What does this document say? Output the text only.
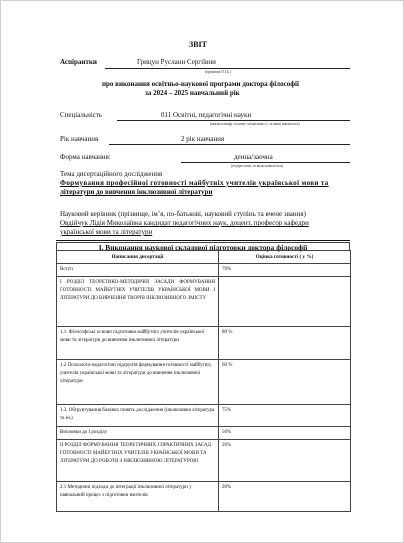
ЗВІТ
Аспірантки	Грицун Руслани Сергіївни
(прізвище П.І.Б.)
про виконання освітньо-наукової програми доктора філософії
за 2024 – 2025 навчальний рік
Спеціальність	011 Освітні, педагогічні науки
(вказати шифр та назву спеціальності, за якою навчається)
Рік навчання	2 рік навчання
Форма навчання:	денна/заочна
(підкреслити, за якою навчається)
Тема дисертаційного дослідження
Формування професійної готовності майбутніх учителів української мови та
літератури до вивчення інклюзивної літератури
Науковий керівник (прізвище, ім’я, по-батькові, науковий ступінь та вчене звання)
Овдійчук Лідія Миколаївна кандидат педагогічних наук, доцент, професор кафедри
української мови та літератури
І. Виконання наукової складової підготовки доктора філософії
Написання дисертації	Оцінка готовності ( у %)
Вступ	70%
І РОЗДІЛ ТЕОРЕТИКО-МЕТОДИЧНІ ЗАСАДИ ФОРМУВАННЯ ГОТОВНОСТІ МАЙБУТНІХ УЧИТЕЛІВ УКРАЇНСЬКОЇ МОВИ І ЛІТЕРАТУРИ ДО ВИВЧЕННЯ ТВОРІВ ІНКЛЮЗИВНОГО ЗМІСТУ	
1.1. Філософські основи підготовки майбутніх учителів української мови та літератури до вивчення інклюзивної літератури	80 %
1.2 Психолого-педагогічні підґрунтя формування готовності майбутніх учителів української мови та літератури до вивчення інклюзивної літератури	60 %
1.3. Обґрунтування базових понять дослідження (інклюзивна література та ін.)	75%
Висновки до І розділу	50%
ІІ РОЗДІЛ ФОРМУВАННЯ ТЕОРЕТИЧНИХ І ПРАКТИЧНИХ ЗАСАД ГОТОВНОСТІ МАЙБУТНІХ УЧИТЕЛІВ УКРАЇНСЬКОЇ МОВИ ТА ЛІТЕРАТУРИ ДО РОБОТИ З ІНКЛЮЗИВНОЮ ЛІТЕРАТУРОЮ	20%
2.1 Методичні підходи до інтеграції інклюзивної літератури у навчальний процес з підготовки вчителів	20%
